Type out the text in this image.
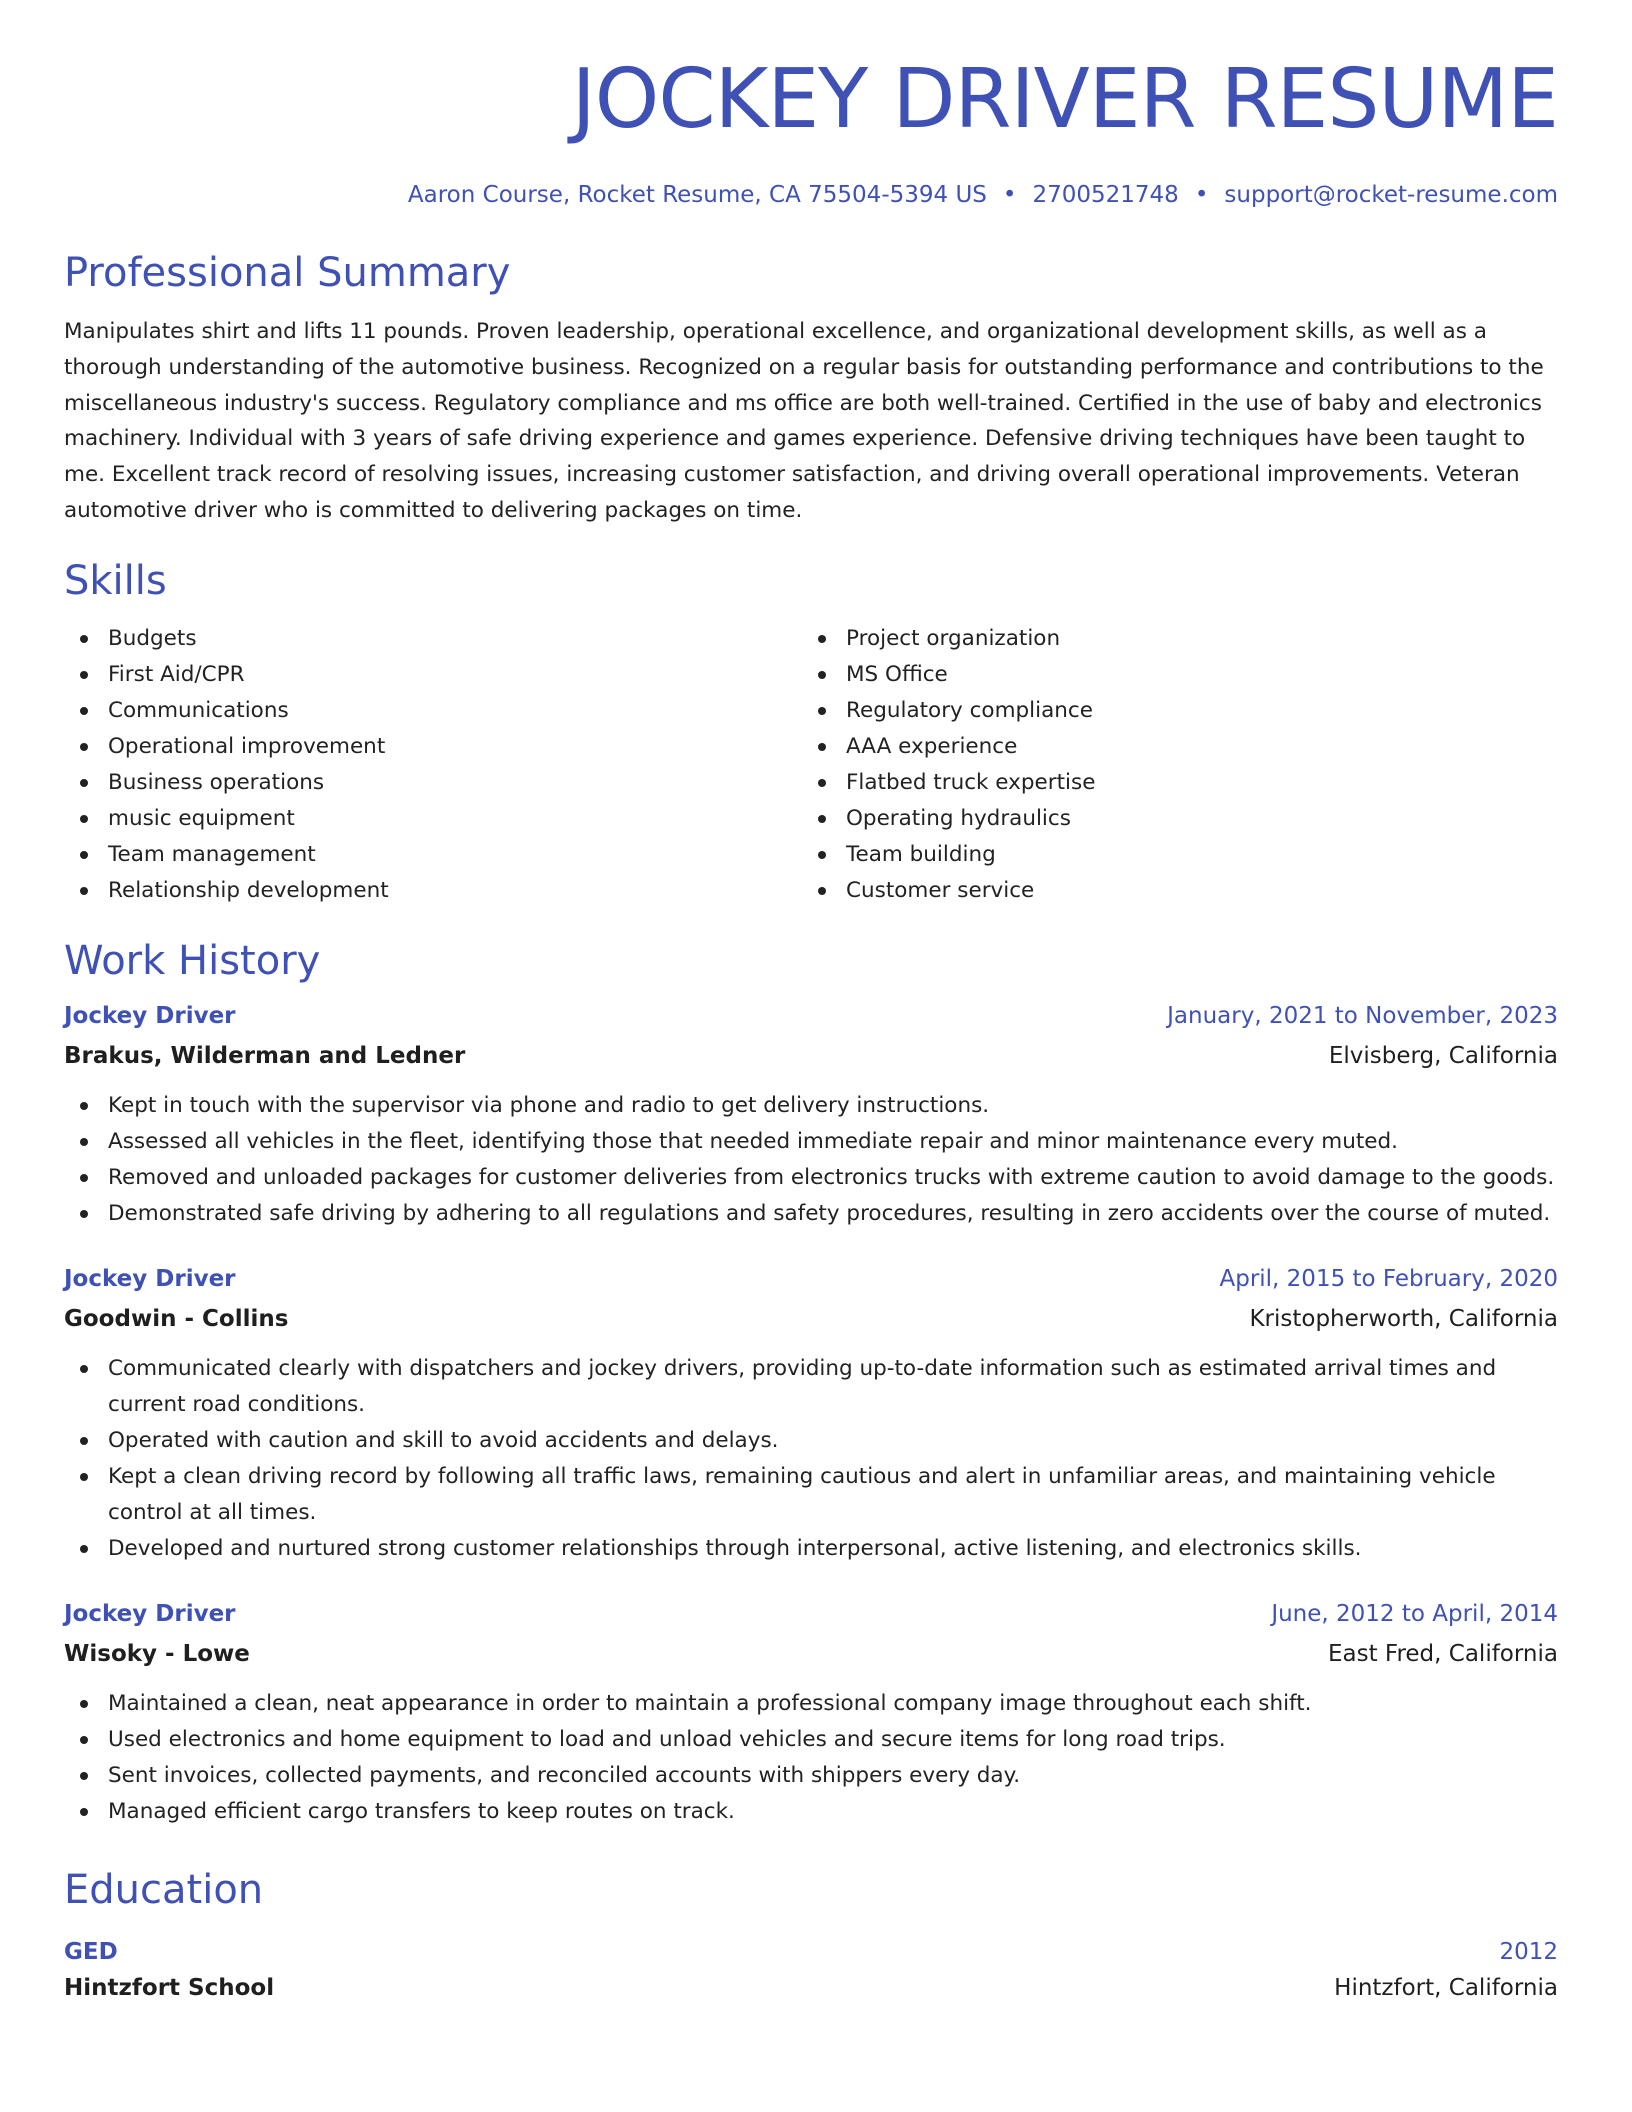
JOCKEY DRIVER RESUME
Aaron Course, Rocket Resume, CA 75504-5394 US • 2700521748 • support@rocket-resume.com
Professional Summary

Manipulates shirt and lifts 11 pounds. Proven leadership, operational excellence, and organizational development skills, as well as a thorough understanding of the automotive business. Recognized on a regular basis for outstanding performance and contributions to the miscellaneous industry's success. Regulatory compliance and ms office are both well-trained. Certified in the use of baby and electronics machinery. Individual with 3 years of safe driving experience and games experience. Defensive driving techniques have been taught to me. Excellent track record of resolving issues, increasing customer satisfaction, and driving overall operational improvements. Veteran automotive driver who is committed to delivering packages on time.

Skills
Budgets
First Aid/CPR
Communications
Operational improvement
Business operations
music equipment
Team management
Relationship development
Project organization
MS Office
Regulatory compliance
AAA experience
Flatbed truck expertise
Operating hydraulics
Team building
Customer service
Work History
Jockey Driver	January, 2021 to November, 2023
Brakus, Wilderman and Ledner	Elvisberg, California
Kept in touch with the supervisor via phone and radio to get delivery instructions.
Assessed all vehicles in the fleet, identifying those that needed immediate repair and minor maintenance every muted.
Removed and unloaded packages for customer deliveries from electronics trucks with extreme caution to avoid damage to the goods.
Demonstrated safe driving by adhering to all regulations and safety procedures, resulting in zero accidents over the course of muted.
Jockey Driver	April, 2015 to February, 2020
Goodwin - Collins	Kristopherworth, California
Communicated clearly with dispatchers and jockey drivers, providing up-to-date information such as estimated arrival times and current road conditions.
Operated with caution and skill to avoid accidents and delays.
Kept a clean driving record by following all traffic laws, remaining cautious and alert in unfamiliar areas, and maintaining vehicle control at all times.
Developed and nurtured strong customer relationships through interpersonal, active listening, and electronics skills.
Jockey Driver	June, 2012 to April, 2014
Wisoky - Lowe	East Fred, California
Maintained a clean, neat appearance in order to maintain a professional company image throughout each shift.
Used electronics and home equipment to load and unload vehicles and secure items for long road trips.
Sent invoices, collected payments, and reconciled accounts with shippers every day.
Managed efficient cargo transfers to keep routes on track.
Education
GED	2012
Hintzfort School	Hintzfort, California
